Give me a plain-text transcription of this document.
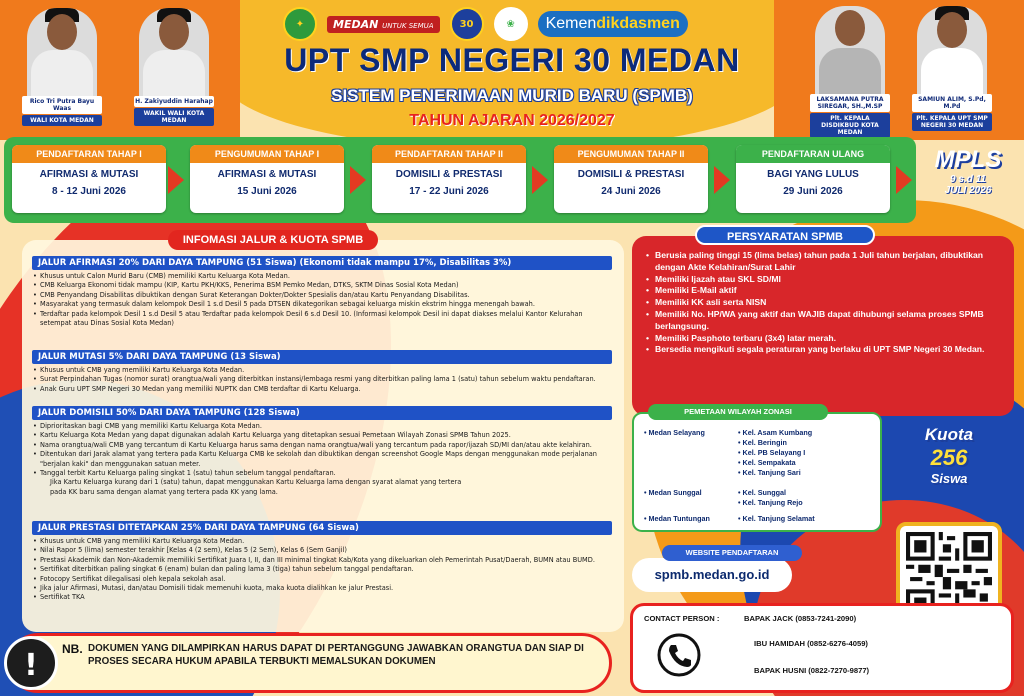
✦	MEDAN UNTUK SEMUA	30	❀	Kemendikdasmen
UPT SMP NEGERI 30 MEDAN
SISTEM PENERIMAAN MURID BARU (SPMB)
TAHUN AJARAN 2026/2027
Rico Tri Putra Bayu Waas
WALI KOTA MEDAN
H. Zakiyuddin Harahap
WAKIL WALI KOTA MEDAN
LAKSAMANA PUTRA SIREGAR, SH.,M.SP
Plt. KEPALA DISDIKBUD KOTA MEDAN
SAMIUN ALIM, S.Pd, M.Pd
Plt. KEPALA UPT SMP NEGERI 30 MEDAN
PENDAFTARAN TAHAP I
AFIRMASI & MUTASI
8 - 12 Juni 2026
PENGUMUMAN TAHAP I
AFIRMASI & MUTASI
15 Juni 2026
PENDAFTARAN TAHAP II
DOMISILI & PRESTASI
17 - 22 Juni 2026
PENGUMUMAN TAHAP II
DOMISILI & PRESTASI
24 Juni 2026
PENDAFTARAN ULANG
BAGI YANG LULUS
29 Juni 2026
MPLS
9 s.d 11
JULI 2026
INFOMASI JALUR & KUOTA SPMB
JALUR AFIRMASI 20% DARI DAYA TAMPUNG (51 Siswa) (Ekonomi tidak mampu 17%, Disabilitas 3%)
• Khusus untuk Calon Murid Baru (CMB) memiliki Kartu Keluarga Kota Medan.
• CMB Keluarga Ekonomi tidak mampu (KIP, Kartu PKH/KKS, Penerima BSM Pemko Medan, DTKS, SKTM Dinas Sosial Kota Medan)
• CMB Penyandang Disabilitas dibuktikan dengan Surat Keterangan Dokter/Dokter Spesialis dan/atau Kartu Penyandang Disabilitas.
• Masyarakat yang termasuk dalam kelompok Desil 1 s.d Desil 5 pada DTSEN dikategorikan sebagai keluarga miskin ekstrim hingga menengah bawah.
• Terdaftar pada kelompok Desil 1 s.d Desil 5 atau Terdaftar pada kelompok Desil 6 s.d Desil 10. (Informasi kelompok Desil ini dapat diakses melalui Kantor Kelurahan setempat atau Dinas Sosial Kota Medan)
JALUR MUTASI 5% DARI DAYA TAMPUNG (13 Siswa)
• Khusus untuk CMB yang memiliki Kartu Keluarga Kota Medan.
• Surat Perpindahan Tugas (nomor surat) orangtua/wali yang diterbitkan instansi/lembaga resmi yang diterbitkan paling lama 1 (satu) tahun sebelum waktu pendaftaran.
• Anak Guru UPT SMP Negeri 30 Medan yang memiliki NUPTK dan CMB terdaftar di Kartu Keluarga.
JALUR DOMISILI 50% DARI DAYA TAMPUNG (128 Siswa)
• Diprioritaskan bagi CMB yang memiliki Kartu Keluarga Kota Medan.
• Kartu Keluarga Kota Medan yang dapat digunakan adalah Kartu Keluarga yang ditetapkan sesuai Pemetaan Wilayah Zonasi SPMB Tahun 2025.
• Nama orangtua/wali CMB yang tercantum di Kartu Keluarga harus sama dengan nama orangtua/wali yang tercantum pada rapor/ijazah SD/MI dan/atau akte kelahiran.
• Ditentukan dari Jarak alamat yang tertera pada Kartu Keluarga CMB ke sekolah dan dibuktikan dengan screenshot Google Maps dengan menggunakan mode perjalanan "berjalan kaki" dan menggunakan satuan meter.
• Tanggal terbit Kartu Keluarga paling singkat 1 (satu) tahun sebelum tanggal pendaftaran.
Jika Kartu Keluarga kurang dari 1 (satu) tahun, dapat menggunakan Kartu Keluarga lama dengan syarat alamat yang tertera
pada KK baru sama dengan alamat yang tertera pada KK yang lama.
JALUR PRESTASI DITETAPKAN 25% DARI DAYA TAMPUNG (64 Siswa)
• Khusus untuk CMB yang memiliki Kartu Keluarga Kota Medan.
• Nilai Rapor 5 (lima) semester terakhir [Kelas 4 (2 sem), Kelas 5 (2 Sem), Kelas 6 (Sem Ganjil)
• Prestasi Akademik dan Non-Akademik memiliki Sertifikat Juara I, II, dan III minimal tingkat Kab/Kota yang dikeluarkan oleh Pemerintah Pusat/Daerah, BUMN atau BUMD.
• Sertifikat diterbitkan paling singkat 6 (enam) bulan dan paling lama 3 (tiga) tahun sebelum tanggal pendaftaran.
• Fotocopy Sertifikat dilegalisasi oleh kepala sekolah asal.
• Jika jalur Afirmasi, Mutasi, dan/atau Domisili tidak memenuhi kuota, maka kuota dialihkan ke jalur Prestasi.
• Sertifikat TKA
!	NB. DOKUMEN YANG DILAMPIRKAN HARUS DAPAT DI PERTANGGUNG JAWABKAN ORANGTUA DAN SIAP DI PROSES SECARA HUKUM APABILA TERBUKTI MEMALSUKAN DOKUMEN
• Berusia paling tinggi 15 (lima belas) tahun pada 1 Juli tahun berjalan, dibuktikan dengan Akte Kelahiran/Surat Lahir
• Memiliki Ijazah atau SKL SD/MI
• Memiliki E-Mail aktif
• Memiliki KK asli serta NISN
• Memiliki No. HP/WA yang aktif dan WAJIB dapat dihubungi selama proses SPMB berlangsung.
• Memiliki Pasphoto terbaru (3x4) latar merah.
• Bersedia mengikuti segala peraturan yang berlaku di UPT SMP Negeri 30 Medan.
PERSYARATAN SPMB
PEMETAAN WILAYAH ZONASI
• Medan Selayang	• Kel. Asam Kumbang
• Kel. Beringin
• Kel. PB Selayang I
• Kel. Sempakata
• Kel. Tanjung Sari
• Medan Sunggal	• Kel. Sunggal
• Kel. Tanjung Rejo
• Medan Tuntungan	• Kel. Tanjung Selamat
Kuota
256
Siswa
spmb.medan.go.id
WEBSITE PENDAFTARAN
CONTACT PERSON :	BAPAK JACK (0853-7241-2090)
IBU HAMIDAH (0852-6276-4059)
BAPAK HUSNI (0822-7270-9877)
